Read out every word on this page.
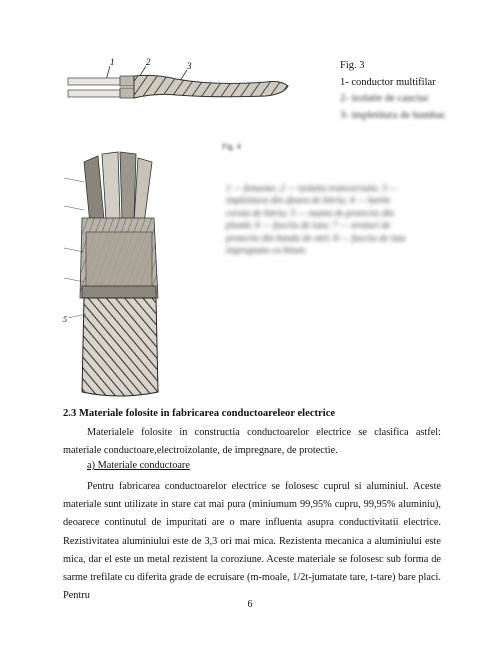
1	2	3	Fig. 3
1- conductor multifilar
2- izolatie de cauciuc
3- impletitura de bumbac
5
Fig. 4
1 — fonuone; 2 — izolatia transversala; 3 — impletitura din sfoara de bitriu; 4 — hartie cerata de bitriu; 5 — manta de protectie din plumb; 6 — fasciia de iuta; 7 — straturi de protectie din banda de otel; 8 — fasciia de iuta impregnata cu bitum.
2.3 Materiale folosite in fabricarea conductoareleor electrice
Materialele folosite in constructia conductoarelor electrice se clasifica astfel: materiale conductoare,electroizolante, de impregnare, de protectie.
a) Materiale conductoare
Pentru fabricarea conductoarelor electrice se folosesc cuprul si aluminiul. Aceste materiale sunt utilizate in stare cat mai pura (miniumum 99,95% cupru, 99,95% aluminiu), deoarece continutul de impuritati are o mare influenta asupra conductivitatii electrice. Rezistivitatea aluminiului este de 3,3 ori mai mica. Rezistenta mecanica a aluminiului este mica, dar el este un metal rezistent la coroziune. Aceste materiale se folosesc sub forma de sarme trefilate cu diferita grade de ecruisare (m-moale, 1/2t-jumatate tare, t-tare) bare placi. Pentru
6
